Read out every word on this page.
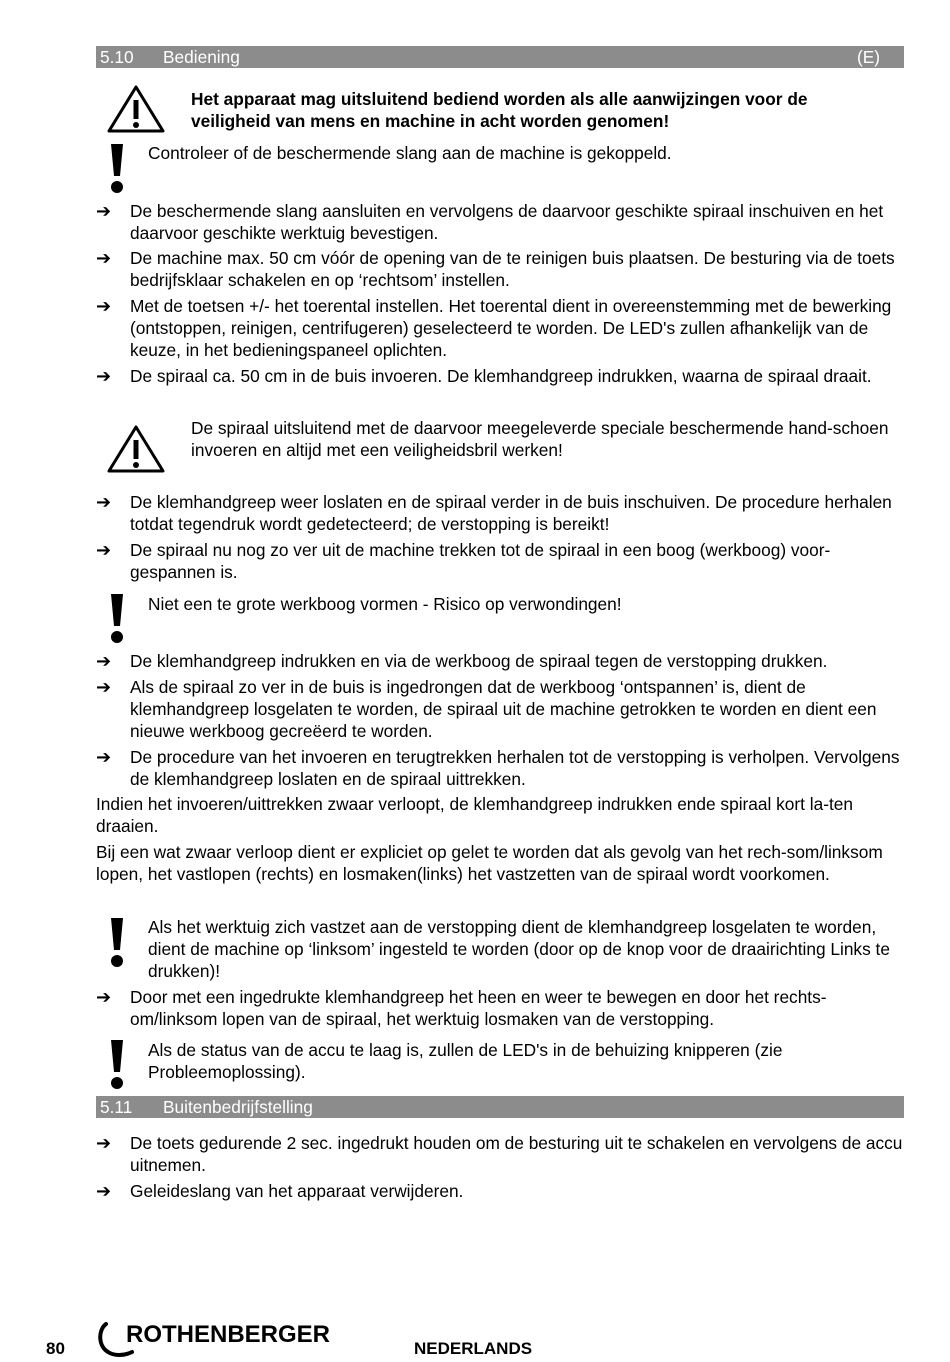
5.10 Bediening	(E)
Het apparaat mag uitsluitend bediend worden als alle aanwijzingen voor de veiligheid van mens en machine in acht worden genomen!
Controleer of de beschermende slang aan de machine is gekoppeld.
➔	De beschermende slang aansluiten en vervolgens de daarvoor geschikte spiraal inschuiven en het daarvoor geschikte werktuig bevestigen.
➔	De machine max. 50 cm vóór de opening van de te reinigen buis plaatsen. De besturing via de toets bedrijfsklaar schakelen en op ‘rechtsom’ instellen.
➔	Met de toetsen +/- het toerental instellen. Het toerental dient in overeenstemming met de bewerking (ontstoppen, reinigen, centrifugeren) geselecteerd te worden. De LED's zullen afhankelijk van de keuze, in het bedieningspaneel oplichten.
➔	De spiraal ca. 50 cm in de buis invoeren. De klemhandgreep indrukken, waarna de spiraal draait.
De spiraal uitsluitend met de daarvoor meegeleverde speciale beschermende hand-schoen invoeren en altijd met een veiligheidsbril werken!
➔	De klemhandgreep weer loslaten en de spiraal verder in de buis inschuiven. De procedure herhalen totdat tegendruk wordt gedetecteerd; de verstopping is bereikt!
➔	De spiraal nu nog zo ver uit de machine trekken tot de spiraal in een boog (werkboog) voor-gespannen is.
Niet een te grote werkboog vormen - Risico op verwondingen!
➔	De klemhandgreep indrukken en via de werkboog de spiraal tegen de verstopping drukken.
➔	Als de spiraal zo ver in de buis is ingedrongen dat de werkboog ‘ontspannen’ is, dient de klemhandgreep losgelaten te worden, de spiraal uit de machine getrokken te worden en dient een nieuwe werkboog gecreëerd te worden.
➔	De procedure van het invoeren en terugtrekken herhalen tot de verstopping is verholpen. Vervolgens de klemhandgreep loslaten en de spiraal uittrekken.
Indien het invoeren/uittrekken zwaar verloopt, de klemhandgreep indrukken ende spiraal kort la-ten draaien.
Bij een wat zwaar verloop dient er expliciet op gelet te worden dat als gevolg van het rech-som/linksom lopen, het vastlopen (rechts) en losmaken(links) het vastzetten van de spiraal wordt voorkomen.
Als het werktuig zich vastzet aan de verstopping dient de klemhandgreep losgelaten te worden, dient de machine op ‘linksom’ ingesteld te worden (door op de knop voor de draairichting Links te drukken)!
➔	Door met een ingedrukte klemhandgreep het heen en weer te bewegen en door het rechts-om/linksom lopen van de spiraal, het werktuig losmaken van de verstopping.
Als de status van de accu te laag is, zullen de LED's in de behuizing knipperen (zie Probleemoplossing).
5.11 Buitenbedrijfstelling
➔	De toets gedurende 2 sec. ingedrukt houden om de besturing uit te schakelen en vervolgens de accu uitnemen.
➔	Geleideslang van het apparaat verwijderen.
80
ROTHENBERGER
NEDERLANDS
